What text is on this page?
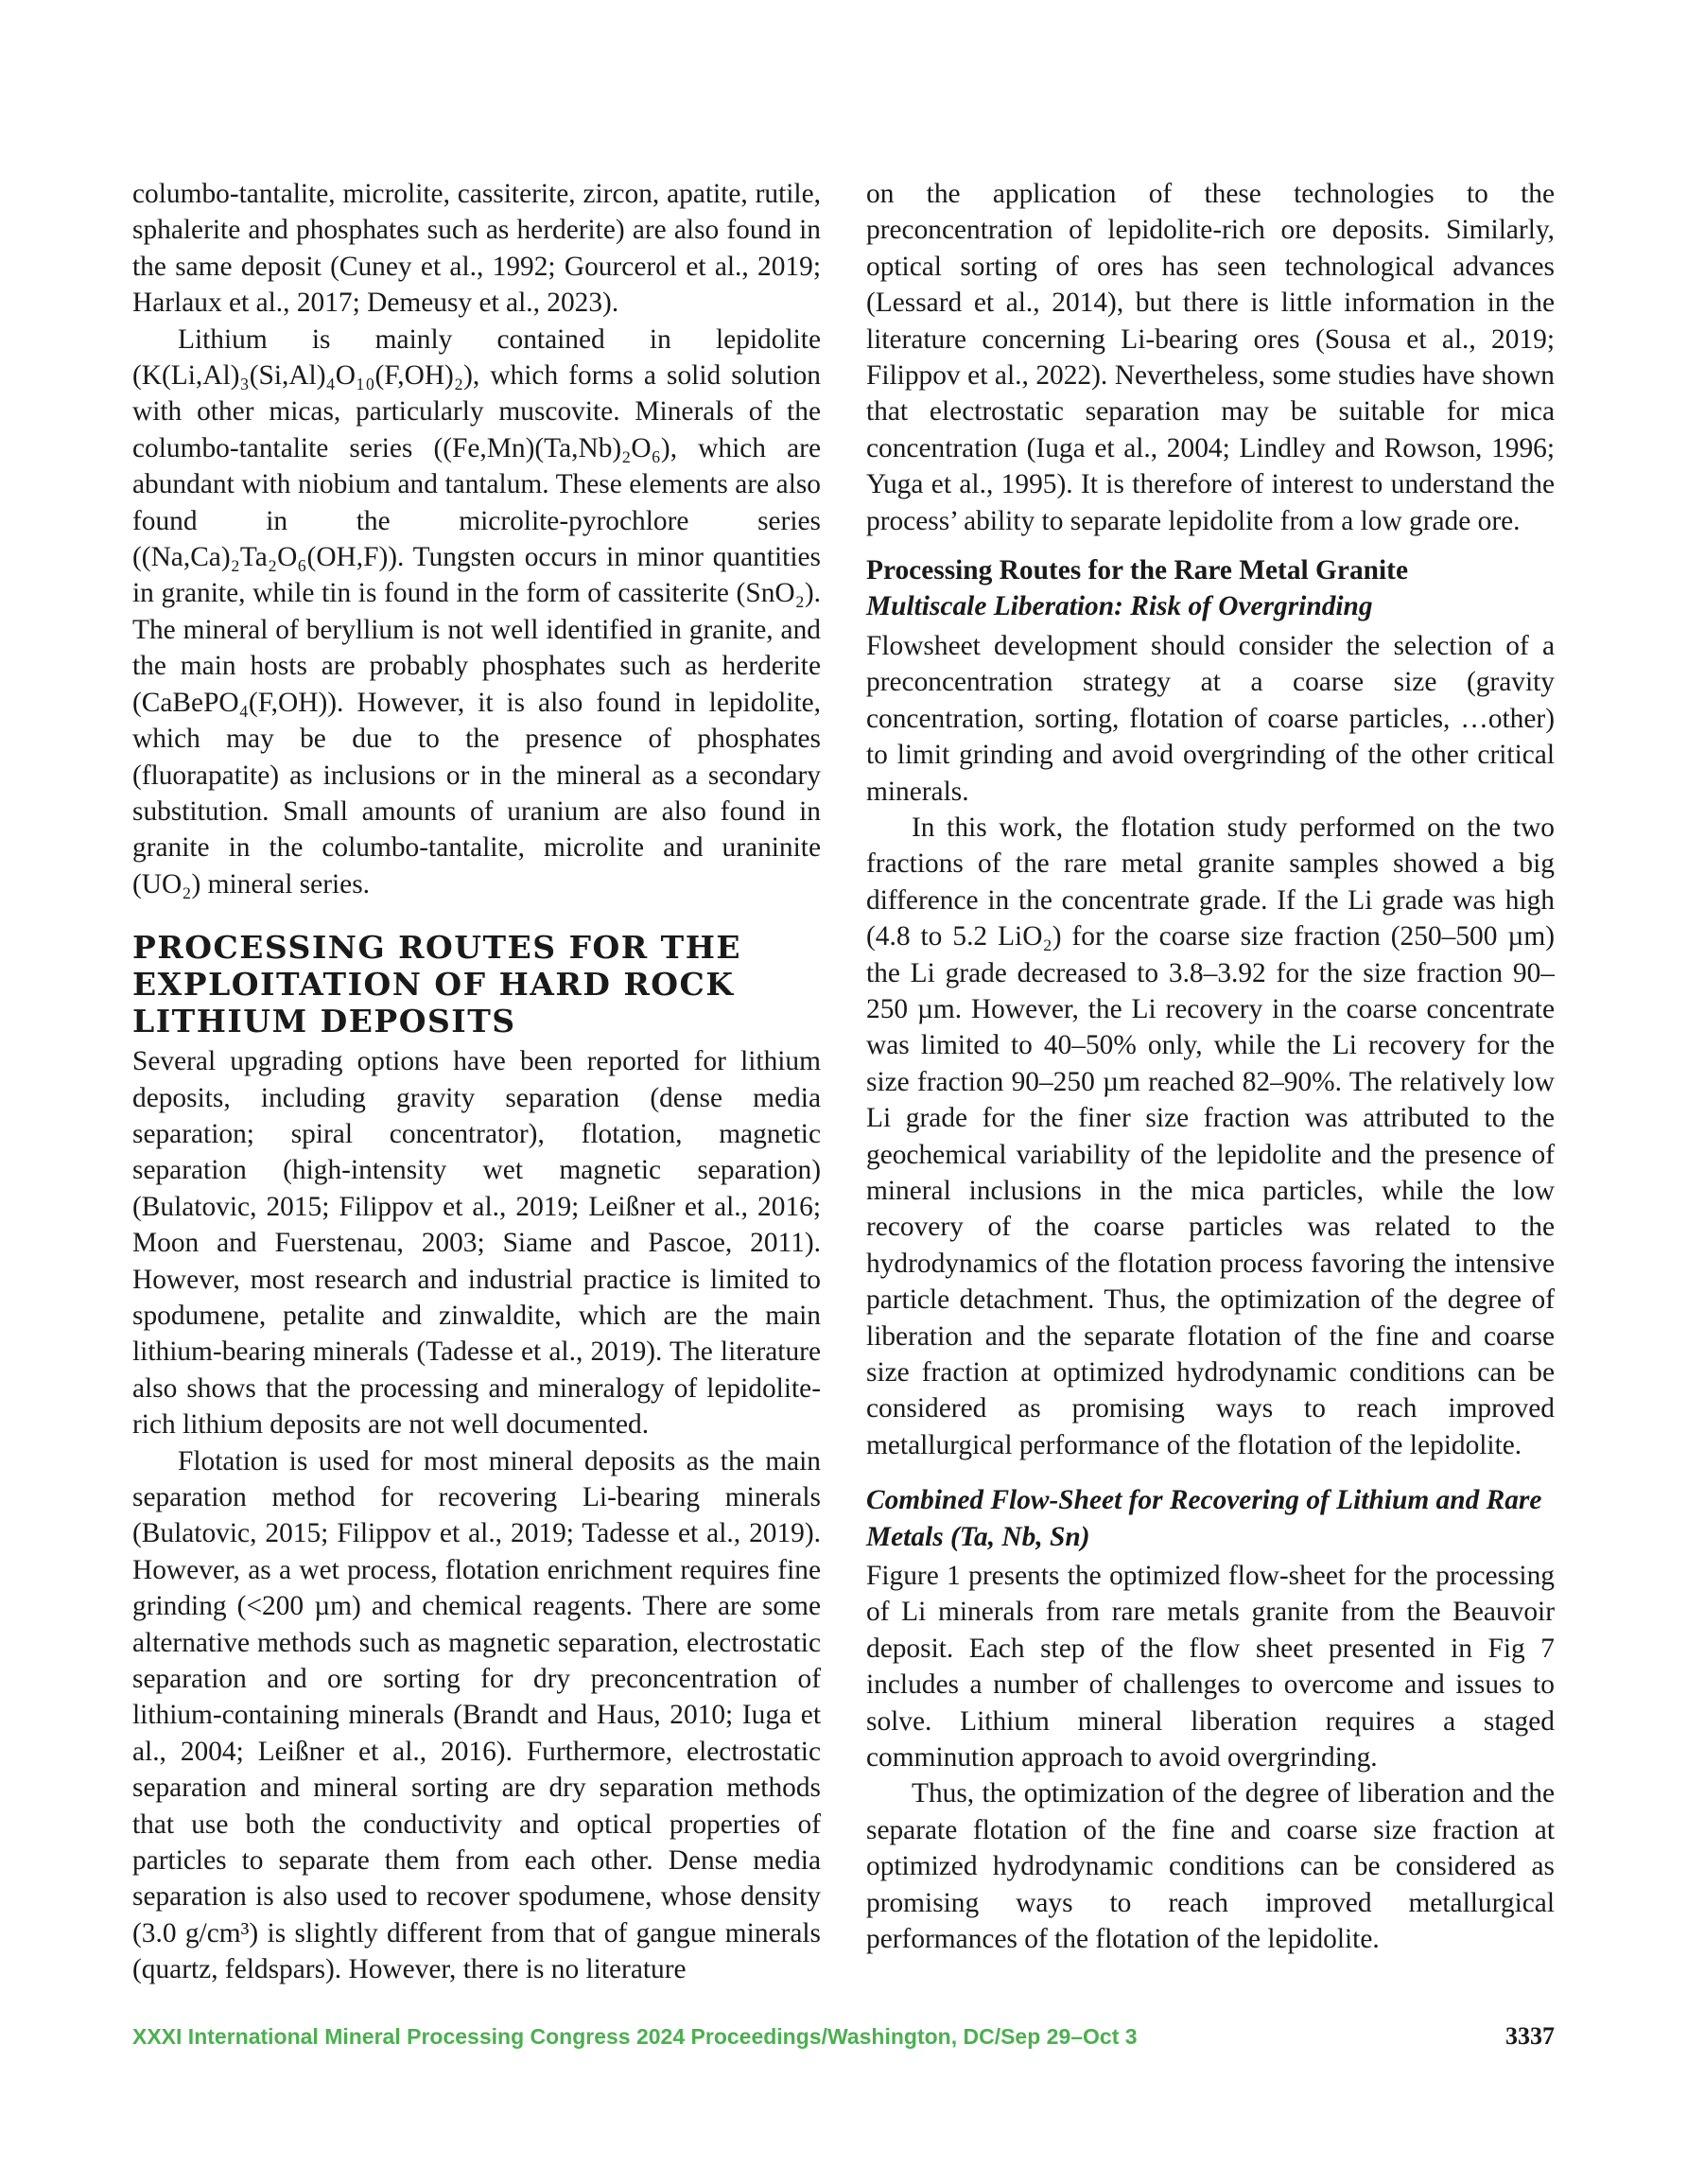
columbo-tantalite, microlite, cassiterite, zircon, apatite, rutile, sphalerite and phosphates such as herderite) are also found in the same deposit (Cuney et al., 1992; Gourcerol et al., 2019; Harlaux et al., 2017; Demeusy et al., 2023).

Lithium is mainly contained in lepidolite (K(Li,Al)₃(Si,Al)₄O₁₀(F,OH)₂), which forms a solid solution with other micas, particularly muscovite. Minerals of the columbo-tantalite series ((Fe,Mn)(Ta,Nb)₂O₆), which are abundant with niobium and tantalum. These elements are also found in the microlite-pyrochlore series ((Na,Ca)₂Ta₂O₆(OH,F)). Tungsten occurs in minor quantities in granite, while tin is found in the form of cassiterite (SnO₂). The mineral of beryllium is not well identified in granite, and the main hosts are probably phosphates such as herderite (CaBePO₄(F,OH)). However, it is also found in lepidolite, which may be due to the presence of phosphates (fluorapatite) as inclusions or in the mineral as a secondary substitution. Small amounts of uranium are also found in granite in the columbo-tantalite, microlite and uraninite (UO₂) mineral series.

PROCESSING ROUTES FOR THE EXPLOITATION OF HARD ROCK LITHIUM DEPOSITS

Several upgrading options have been reported for lithium deposits, including gravity separation (dense media separation; spiral concentrator), flotation, magnetic separation (high-intensity wet magnetic separation) (Bulatovic, 2015; Filippov et al., 2019; Leißner et al., 2016; Moon and Fuerstenau, 2003; Siame and Pascoe, 2011). However, most research and industrial practice is limited to spodumene, petalite and zinwaldite, which are the main lithium-bearing minerals (Tadesse et al., 2019). The literature also shows that the processing and mineralogy of lepidolite-rich lithium deposits are not well documented.

Flotation is used for most mineral deposits as the main separation method for recovering Li-bearing minerals (Bulatovic, 2015; Filippov et al., 2019; Tadesse et al., 2019). However, as a wet process, flotation enrichment requires fine grinding (<200 µm) and chemical reagents. There are some alternative methods such as magnetic separation, electrostatic separation and ore sorting for dry preconcentration of lithium-containing minerals (Brandt and Haus, 2010; Iuga et al., 2004; Leißner et al., 2016). Furthermore, electrostatic separation and mineral sorting are dry separation methods that use both the conductivity and optical properties of particles to separate them from each other. Dense media separation is also used to recover spodumene, whose density (3.0 g/cm³) is slightly different from that of gangue minerals (quartz, feldspars). However, there is no literature

on the application of these technologies to the preconcentration of lepidolite-rich ore deposits. Similarly, optical sorting of ores has seen technological advances (Lessard et al., 2014), but there is little information in the literature concerning Li-bearing ores (Sousa et al., 2019; Filippov et al., 2022). Nevertheless, some studies have shown that electrostatic separation may be suitable for mica concentration (Iuga et al., 2004; Lindley and Rowson, 1996; Yuga et al., 1995). It is therefore of interest to understand the process’ ability to separate lepidolite from a low grade ore.

Processing Routes for the Rare Metal Granite
Multiscale Liberation: Risk of Overgrinding

Flowsheet development should consider the selection of a preconcentration strategy at a coarse size (gravity concentration, sorting, flotation of coarse particles, …other) to limit grinding and avoid overgrinding of the other critical minerals.

In this work, the flotation study performed on the two fractions of the rare metal granite samples showed a big difference in the concentrate grade. If the Li grade was high (4.8 to 5.2 LiO₂) for the coarse size fraction (250–500 µm) the Li grade decreased to 3.8–3.92 for the size fraction 90–250 µm. However, the Li recovery in the coarse concentrate was limited to 40–50% only, while the Li recovery for the size fraction 90–250 µm reached 82–90%. The relatively low Li grade for the finer size fraction was attributed to the geochemical variability of the lepidolite and the presence of mineral inclusions in the mica particles, while the low recovery of the coarse particles was related to the hydrodynamics of the flotation process favoring the intensive particle detachment. Thus, the optimization of the degree of liberation and the separate flotation of the fine and coarse size fraction at optimized hydrodynamic conditions can be considered as promising ways to reach improved metallurgical performance of the flotation of the lepidolite.

Combined Flow-Sheet for Recovering of Lithium and Rare Metals (Ta, Nb, Sn)

Figure 1 presents the optimized flow-sheet for the processing of Li minerals from rare metals granite from the Beauvoir deposit. Each step of the flow sheet presented in Fig 7 includes a number of challenges to overcome and issues to solve. Lithium mineral liberation requires a staged comminution approach to avoid overgrinding.

Thus, the optimization of the degree of liberation and the separate flotation of the fine and coarse size fraction at optimized hydrodynamic conditions can be considered as promising ways to reach improved metallurgical performances of the flotation of the lepidolite.

XXXI International Mineral Processing Congress 2024 Proceedings/Washington, DC/Sep 29–Oct 3	3337
